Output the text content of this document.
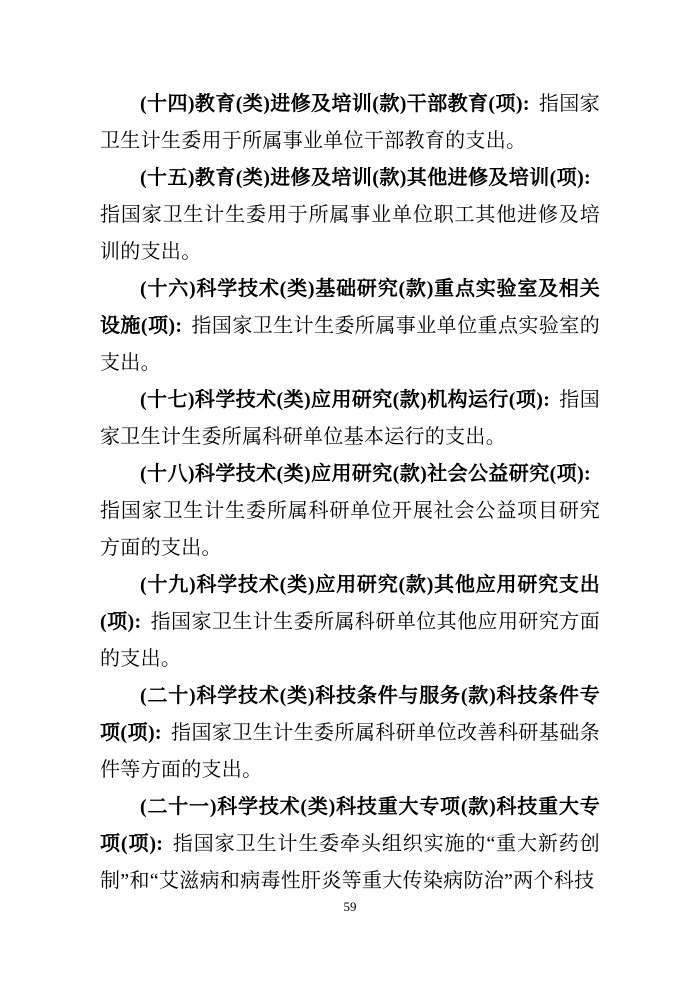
(十四)教育(类)进修及培训(款)干部教育(项): 指国家卫生计生委用于所属事业单位干部教育的支出。

(十五)教育(类)进修及培训(款)其他进修及培训(项):指国家卫生计生委用于所属事业单位职工其他进修及培训的支出。

(十六)科学技术(类)基础研究(款)重点实验室及相关设施(项): 指国家卫生计生委所属事业单位重点实验室的支出。

(十七)科学技术(类)应用研究(款)机构运行(项): 指国家卫生计生委所属科研单位基本运行的支出。

(十八)科学技术(类)应用研究(款)社会公益研究(项):指国家卫生计生委所属科研单位开展社会公益项目研究方面的支出。

(十九)科学技术(类)应用研究(款)其他应用研究支出(项): 指国家卫生计生委所属科研单位其他应用研究方面的支出。

(二十)科学技术(类)科技条件与服务(款)科技条件专项(项): 指国家卫生计生委所属科研单位改善科研基础条件等方面的支出。

(二十一)科学技术(类)科技重大专项(款)科技重大专项(项): 指国家卫生计生委牵头组织实施的“重大新药创制”和“艾滋病和病毒性肝炎等重大传染病防治”两个科技

59
